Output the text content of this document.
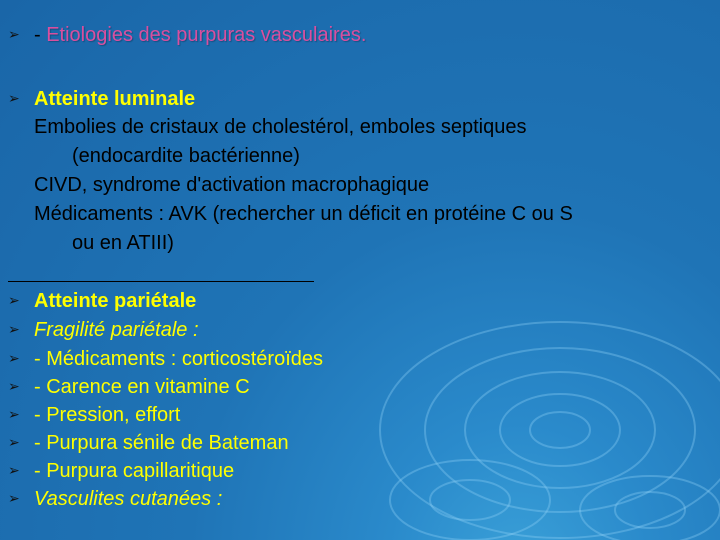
➢ - Etiologies des purpuras vasculaires.
➢ Atteinte luminale
Embolies de cristaux de cholestérol, emboles septiques
(endocardite bactérienne)
CIVD, syndrome d'activation macrophagique
Médicaments : AVK (rechercher un déficit en protéine C ou S
ou en ATIII)
➢ Atteinte pariétale
➢ Fragilité pariétale :
➢ - Médicaments : corticostéroïdes
➢ - Carence en vitamine C
➢ - Pression, effort
➢ - Purpura sénile de Bateman
➢ - Purpura capillaritique
➢ Vasculites cutanées :
